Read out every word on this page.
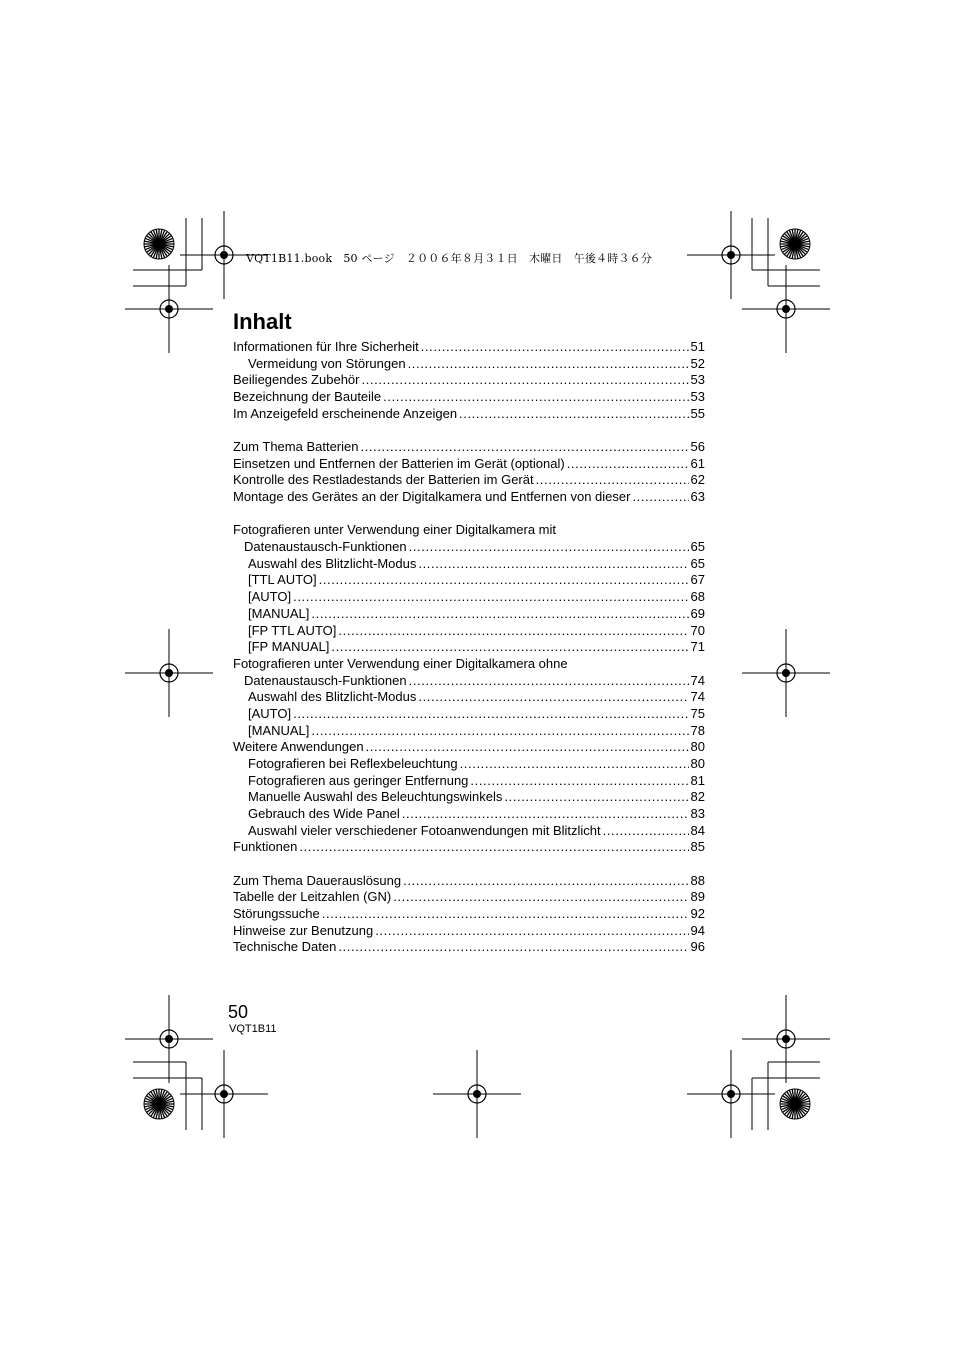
VQT1B11.book   50 ページ   ２００６年８月３１日   木曜日   午後４時３６分
Inhalt
Informationen für Ihre Sicherheit .....	51
Vermeidung von Störungen .....	52
Beiliegendes Zubehör .....	53
Bezeichnung der Bauteile .....	53
Im Anzeigefeld erscheinende Anzeigen .....	55
Zum Thema Batterien .....	56
Einsetzen und Entfernen der Batterien im Gerät (optional) .....	61
Kontrolle des Restladestands der Batterien im Gerät .....	62
Montage des Gerätes an der Digitalkamera und Entfernen von dieser .....	63
Fotografieren unter Verwendung einer Digitalkamera mit
Datenaustausch-Funktionen .....	65
Auswahl des Blitzlicht-Modus .....	65
[TTL AUTO] .....	67
[AUTO] .....	68
[MANUAL] .....	69
[FP TTL AUTO] .....	70
[FP MANUAL] .....	71
Fotografieren unter Verwendung einer Digitalkamera ohne
Datenaustausch-Funktionen .....	74
Auswahl des Blitzlicht-Modus .....	74
[AUTO] .....	75
[MANUAL] .....	78
Weitere Anwendungen .....	80
Fotografieren bei Reflexbeleuchtung .....	80
Fotografieren aus geringer Entfernung .....	81
Manuelle Auswahl des Beleuchtungswinkels .....	82
Gebrauch des Wide Panel .....	83
Auswahl vieler verschiedener Fotoanwendungen mit Blitzlicht .....	84
Funktionen .....	85
Zum Thema Dauerauslösung .....	88
Tabelle der Leitzahlen (GN) .....	89
Störungssuche .....	92
Hinweise zur Benutzung .....	94
Technische Daten .....	96
50
VQT1B11
